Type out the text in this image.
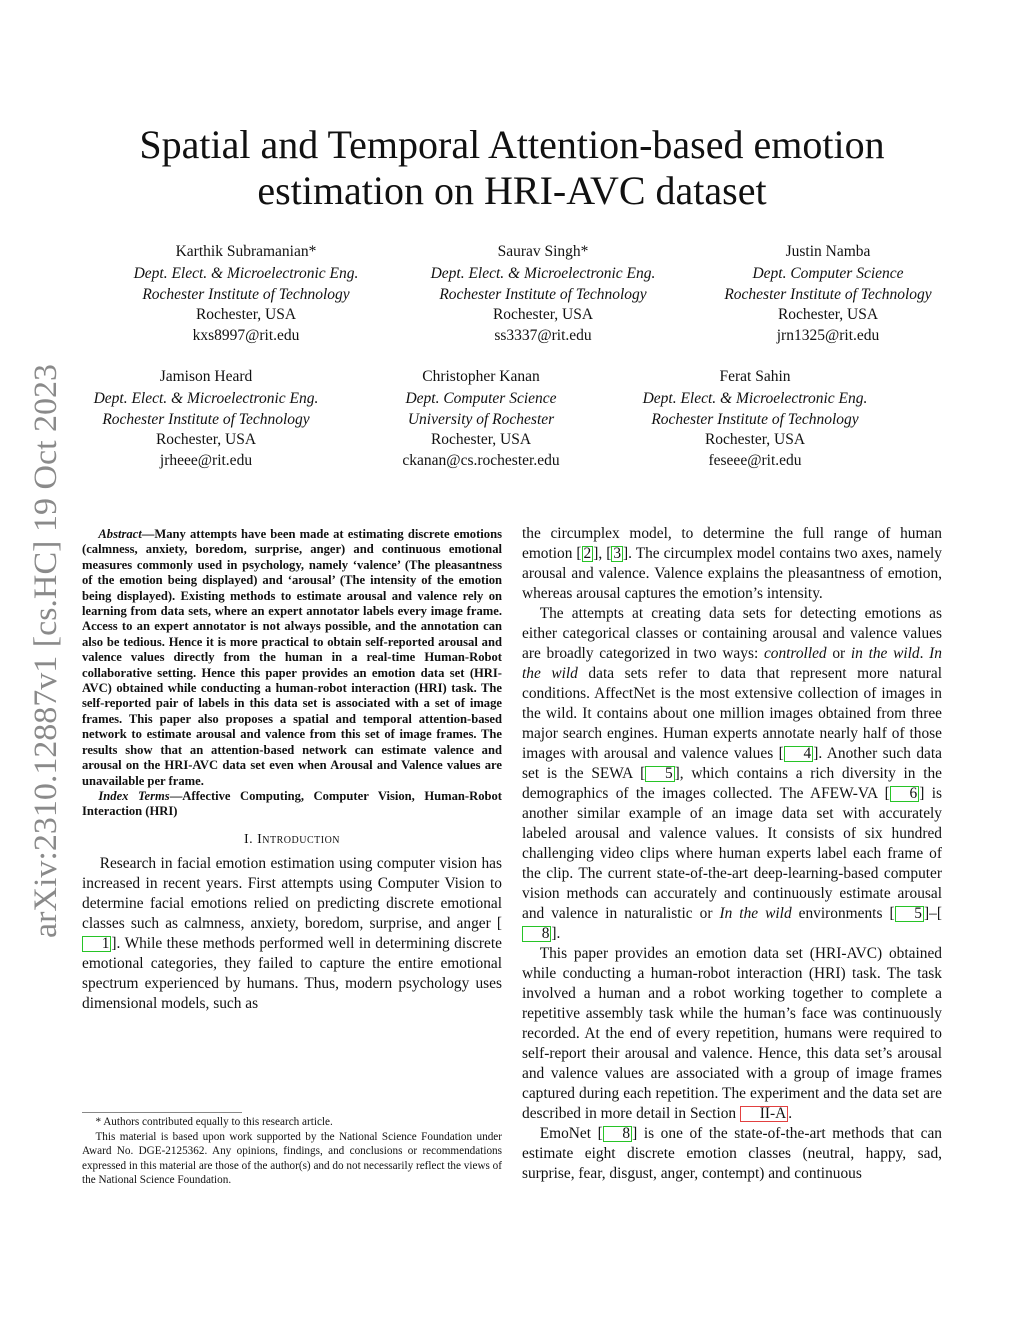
arXiv:2310.12887v1 [cs.HC] 19 Oct 2023
Spatial and Temporal Attention-based emotion
estimation on HRI-AVC dataset
Karthik Subramanian*
Dept. Elect. & Microelectronic Eng.
Rochester Institute of Technology
Rochester, USA
kxs8997@rit.edu
Saurav Singh*
Dept. Elect. & Microelectronic Eng.
Rochester Institute of Technology
Rochester, USA
ss3337@rit.edu
Justin Namba
Dept. Computer Science
Rochester Institute of Technology
Rochester, USA
jrn1325@rit.edu
Jamison Heard
Dept. Elect. & Microelectronic Eng.
Rochester Institute of Technology
Rochester, USA
jrheee@rit.edu
Christopher Kanan
Dept. Computer Science
University of Rochester
Rochester, USA
ckanan@cs.rochester.edu
Ferat Sahin
Dept. Elect. & Microelectronic Eng.
Rochester Institute of Technology
Rochester, USA
feseee@rit.edu

Abstract—Many attempts have been made at estimating discrete emotions (calmness, anxiety, boredom, surprise, anger) and continuous emotional measures commonly used in psychology, namely ‘valence’ (The pleasantness of the emotion being displayed) and ‘arousal’ (The intensity of the emotion being displayed). Existing methods to estimate arousal and valence rely on learning from data sets, where an expert annotator labels every image frame. Access to an expert annotator is not always possible, and the annotation can also be tedious. Hence it is more practical to obtain self-reported arousal and valence values directly from the human in a real-time Human-Robot collaborative setting. Hence this paper provides an emotion data set (HRI-AVC) obtained while conducting a human-robot interaction (HRI) task. The self-reported pair of labels in this data set is associated with a set of image frames. This paper also proposes a spatial and temporal attention-based network to estimate arousal and valence from this set of image frames. The results show that an attention-based network can estimate valence and arousal on the HRI-AVC data set even when Arousal and Valence values are unavailable per frame.

Index Terms—Affective Computing, Computer Vision, Human-Robot Interaction (HRI)

I. Introduction

Research in facial emotion estimation using computer vision has increased in recent years. First attempts using Computer Vision to determine facial emotions relied on predicting discrete emotional classes such as calmness, anxiety, boredom, surprise, and anger [1 ]. While these methods performed well in determining discrete emotional categories, they failed to capture the entire emotional spectrum experienced by humans. Thus, modern psychology uses dimensional models, such as

* Authors contributed equally to this research article.

This material is based upon work supported by the National Science Foundation under Award No. DGE-2125362. Any opinions, findings, and conclusions or recommendations expressed in this material are those of the author(s) and do not necessarily reflect the views of the National Science Foundation.

the circumplex model, to determine the full range of human emotion [ 2 ], [ 3 ]. The circumplex model contains two axes, namely arousal and valence. Valence explains the pleasantness of emotion, whereas arousal captures the emotion’s intensity.

The attempts at creating data sets for detecting emotions as either categorical classes or containing arousal and valence values are broadly categorized in two ways: controlled or in the wild. In the wild data sets refer to data that represent more natural conditions. AffectNet is the most extensive collection of images in the wild. It contains about one million images obtained from three major search engines. Human experts annotate nearly half of those images with arousal and valence values [ 4 ]. Another such data set is the SEWA [ 5 ], which contains a rich diversity in the demographics of the images collected. The AFEW-VA [ 6 ] is another similar example of an image data set with accurately labeled arousal and valence values. It consists of six hundred challenging video clips where human experts label each frame of the clip. The current state-of-the-art deep-learning-based computer vision methods can accurately and continuously estimate arousal and valence in naturalistic or In the wild environments [ 5 ]–[8 ].

This paper provides an emotion data set (HRI-AVC) obtained while conducting a human-robot interaction (HRI) task. The task involved a human and a robot working together to complete a repetitive assembly task while the human’s face was continuously recorded. At the end of every repetition, humans were required to self-report their arousal and valence. Hence, this data set’s arousal and valence values are associated with a group of image frames captured during each repetition. The experiment and the data set are described in more detail in Section II-A .

EmoNet [ 8 ] is one of the state-of-the-art methods that can estimate eight discrete emotion classes (neutral, happy, sad, surprise, fear, disgust, anger, contempt) and continuous
